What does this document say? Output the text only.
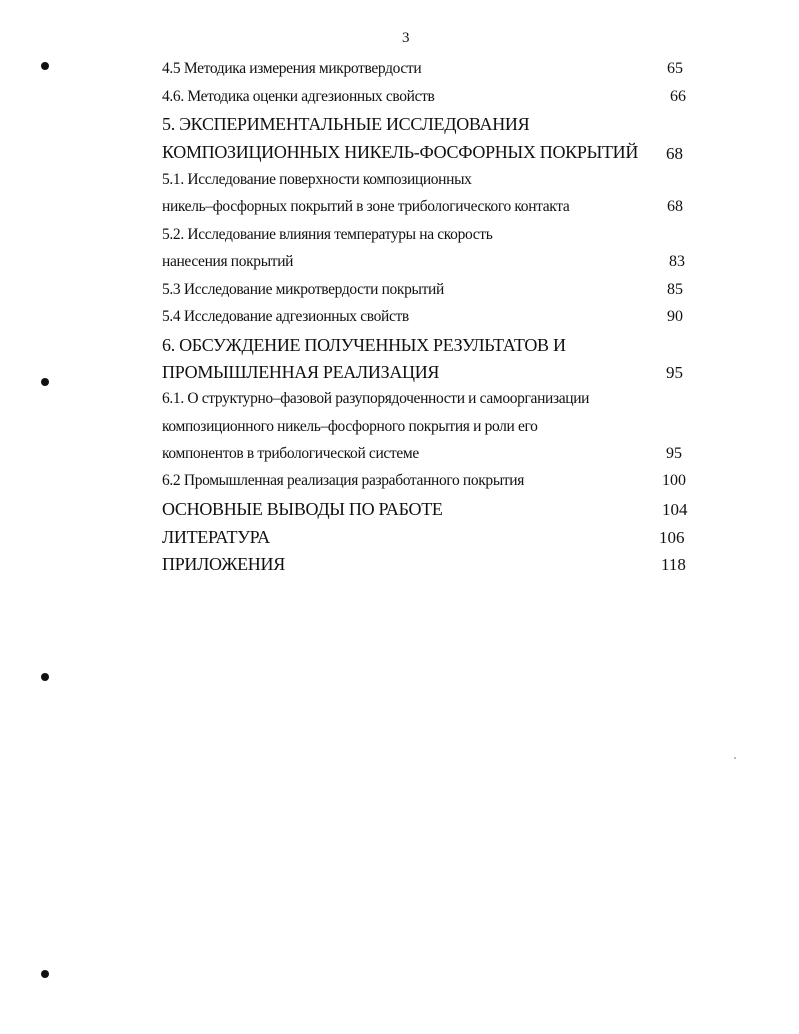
3
4.5 Методика измерения микротвердости	65
4.6. Методика оценки адгезионных свойств	66
5. ЭКСПЕРИМЕНТАЛЬНЫЕ ИССЛЕДОВАНИЯ
КОМПОЗИЦИОННЫХ НИКЕЛЬ-ФОСФОРНЫХ ПОКРЫТИЙ 68
5.1. Исследование поверхности композиционных
никель–фосфорных покрытий в зоне трибологического контакта	68
5.2. Исследование влияния температуры на скорость
нанесения покрытий	83
5.3 Исследование микротвердости покрытий	85
5.4 Исследование адгезионных свойств	90
6. ОБСУЖДЕНИЕ ПОЛУЧЕННЫХ РЕЗУЛЬТАТОВ И
ПРОМЫШЛЕННАЯ РЕАЛИЗАЦИЯ	95
6.1. О структурно–фазовой разупорядоченности и самоорганизации
композиционного никель–фосфорного покрытия и роли его
компонентов в трибологической системе	95
6.2 Промышленная реализация разработанного покрытия	100
ОСНОВНЫЕ ВЫВОДЫ ПО РАБОТЕ	104
ЛИТЕРАТУРА	106
ПРИЛОЖЕНИЯ	118
